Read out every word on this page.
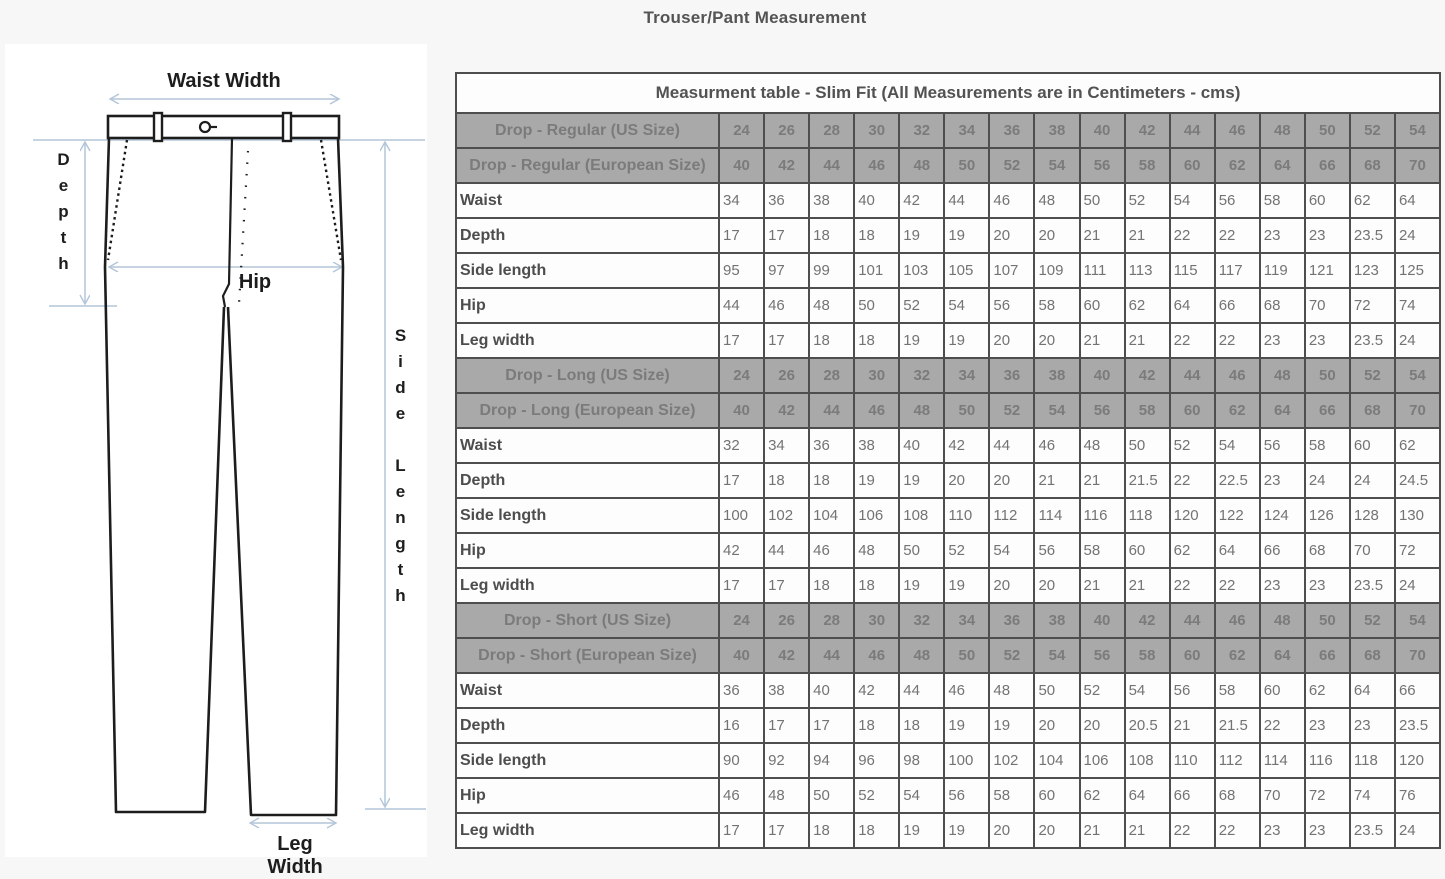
Trouser/Pant Measurement
Waist Width
Depth
Hip
Side Length
Leg Width
Measurment table - Slim Fit (All Measurements are in Centimeters - cms)																
Drop - Regular (US Size)	24	26	28	30	32	34	36	38	40	42	44	46	48	50	52	54
Drop - Regular (European Size)	40	42	44	46	48	50	52	54	56	58	60	62	64	66	68	70
Waist	34	36	38	40	42	44	46	48	50	52	54	56	58	60	62	64
Depth	17	17	18	18	19	19	20	20	21	21	22	22	23	23	23.5	24
Side length	95	97	99	101	103	105	107	109	111	113	115	117	119	121	123	125
Hip	44	46	48	50	52	54	56	58	60	62	64	66	68	70	72	74
Leg width	17	17	18	18	19	19	20	20	21	21	22	22	23	23	23.5	24
Drop - Long (US Size)	24	26	28	30	32	34	36	38	40	42	44	46	48	50	52	54
Drop - Long (European Size)	40	42	44	46	48	50	52	54	56	58	60	62	64	66	68	70
Waist	32	34	36	38	40	42	44	46	48	50	52	54	56	58	60	62
Depth	17	18	18	19	19	20	20	21	21	21.5	22	22.5	23	24	24	24.5
Side length	100	102	104	106	108	110	112	114	116	118	120	122	124	126	128	130
Hip	42	44	46	48	50	52	54	56	58	60	62	64	66	68	70	72
Leg width	17	17	18	18	19	19	20	20	21	21	22	22	23	23	23.5	24
Drop - Short (US Size)	24	26	28	30	32	34	36	38	40	42	44	46	48	50	52	54
Drop - Short (European Size)	40	42	44	46	48	50	52	54	56	58	60	62	64	66	68	70
Waist	36	38	40	42	44	46	48	50	52	54	56	58	60	62	64	66
Depth	16	17	17	18	18	19	19	20	20	20.5	21	21.5	22	23	23	23.5
Side length	90	92	94	96	98	100	102	104	106	108	110	112	114	116	118	120
Hip	46	48	50	52	54	56	58	60	62	64	66	68	70	72	74	76
Leg width	17	17	18	18	19	19	20	20	21	21	22	22	23	23	23.5	24
